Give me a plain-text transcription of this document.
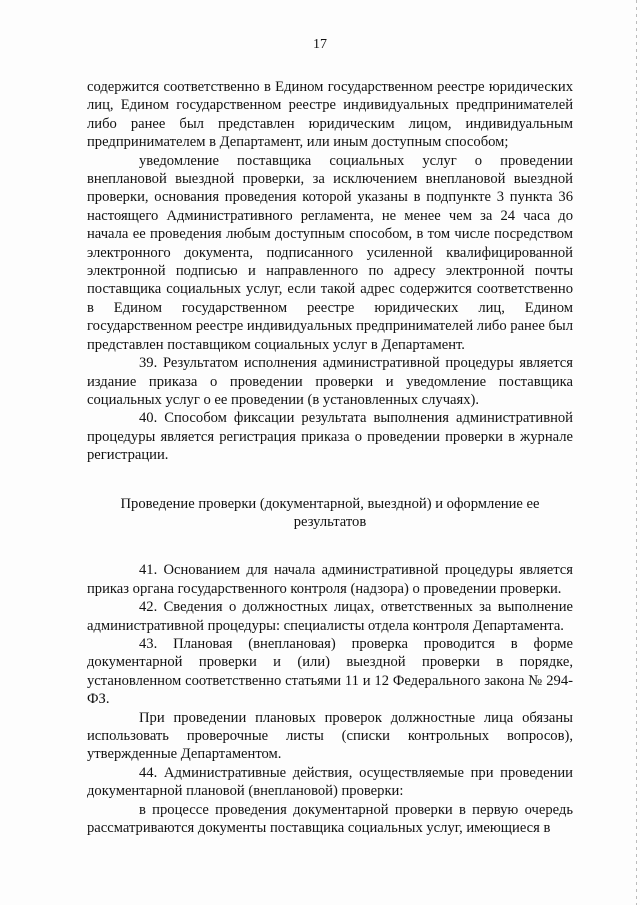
17

содержится соответственно в Едином государственном реестре юридических лиц, Едином государственном реестре индивидуальных предпринимателей либо ранее был представлен юридическим лицом, индивидуальным предпринимателем в Департамент, или иным доступным способом;

уведомление поставщика социальных услуг о проведении внеплановой выездной проверки, за исключением внеплановой выездной проверки, основания проведения которой указаны в подпункте 3 пункта 36 настоящего Административного регламента, не менее чем за 24 часа до начала ее проведения любым доступным способом, в том числе посредством электронного документа, подписанного усиленной квалифицированной электронной подписью и направленного по адресу электронной почты поставщика социальных услуг, если такой адрес содержится соответственно в Едином государственном реестре юридических лиц, Едином государственном реестре индивидуальных предпринимателей либо ранее был представлен поставщиком социальных услуг в Департамент.

39. Результатом исполнения административной процедуры является издание приказа о проведении проверки и уведомление поставщика социальных услуг о ее проведении (в установленных случаях).

40. Способом фиксации результата выполнения административной процедуры является регистрация приказа о проведении проверки в журнале регистрации.

Проведение проверки (документарной, выездной) и оформление ее результатов

41. Основанием для начала административной процедуры является приказ органа государственного контроля (надзора) о проведении проверки.

42. Сведения о должностных лицах, ответственных за выполнение административной процедуры: специалисты отдела контроля Департамента.

43. Плановая (внеплановая) проверка проводится в форме документарной проверки и (или) выездной проверки в порядке, установленном соответственно статьями 11 и 12 Федерального закона № 294-ФЗ.

При проведении плановых проверок должностные лица обязаны использовать проверочные листы (списки контрольных вопросов), утвержденные Департаментом.

44. Административные действия, осуществляемые при проведении документарной плановой (внеплановой) проверки:

в процессе проведения документарной проверки в первую очередь рассматриваются документы поставщика социальных услуг, имеющиеся в
